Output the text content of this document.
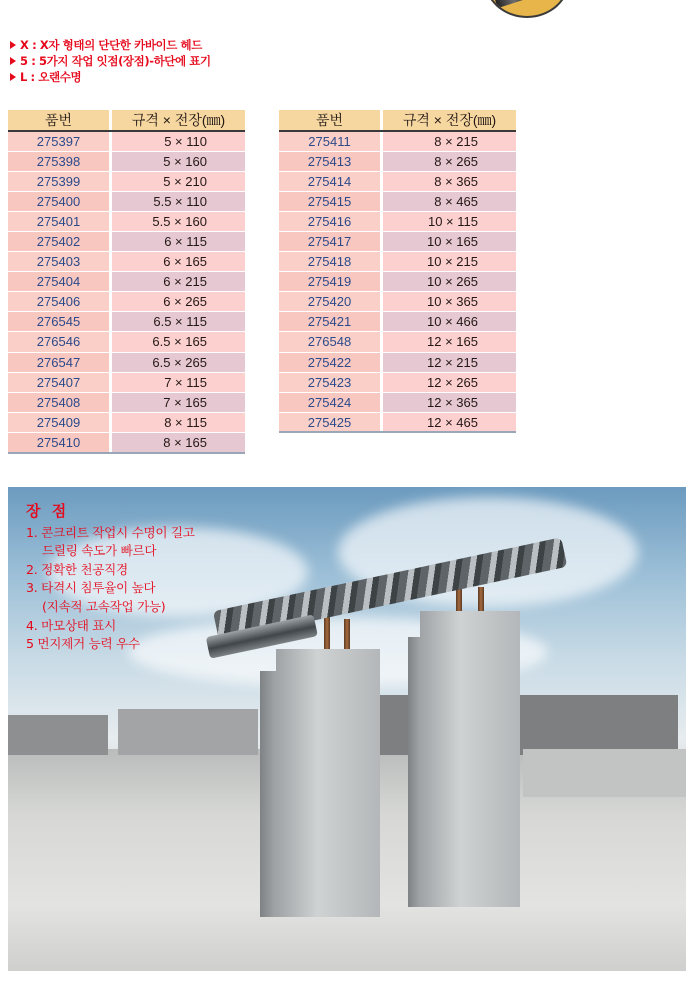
X : X자 형태의 단단한 카바이드 헤드
5 : 5가지 작업 잇점(장점)-하단에 표기
L : 오랜수명
품번		규격 × 전장(㎜)
275397		5 × 110
275398		5 × 160
275399		5 × 210
275400		5.5 × 110
275401		5.5 × 160
275402		6 × 115
275403		6 × 165
275404		6 × 215
275406		6 × 265
276545		6.5 × 115
276546		6.5 × 165
276547		6.5 × 265
275407		7 × 115
275408		7 × 165
275409		8 × 115
275410		8 × 165
품번		규격 × 전장(㎜)
275411		8 × 215
275413		8 × 265
275414		8 × 365
275415		8 × 465
275416		10 × 115
275417		10 × 165
275418		10 × 215
275419		10 × 265
275420		10 × 365
275421		10 × 466
276548		12 × 165
275422		12 × 215
275423		12 × 265
275424		12 × 365
275425		12 × 465
장 점
1. 콘크리트 작업시 수명이 길고
드릴링 속도가 빠르다
2. 정확한 천공직경
3. 타격시 침투율이 높다
(지속적 고속작업 가능)
4. 마모상태 표시
5 먼지제거 능력 우수
